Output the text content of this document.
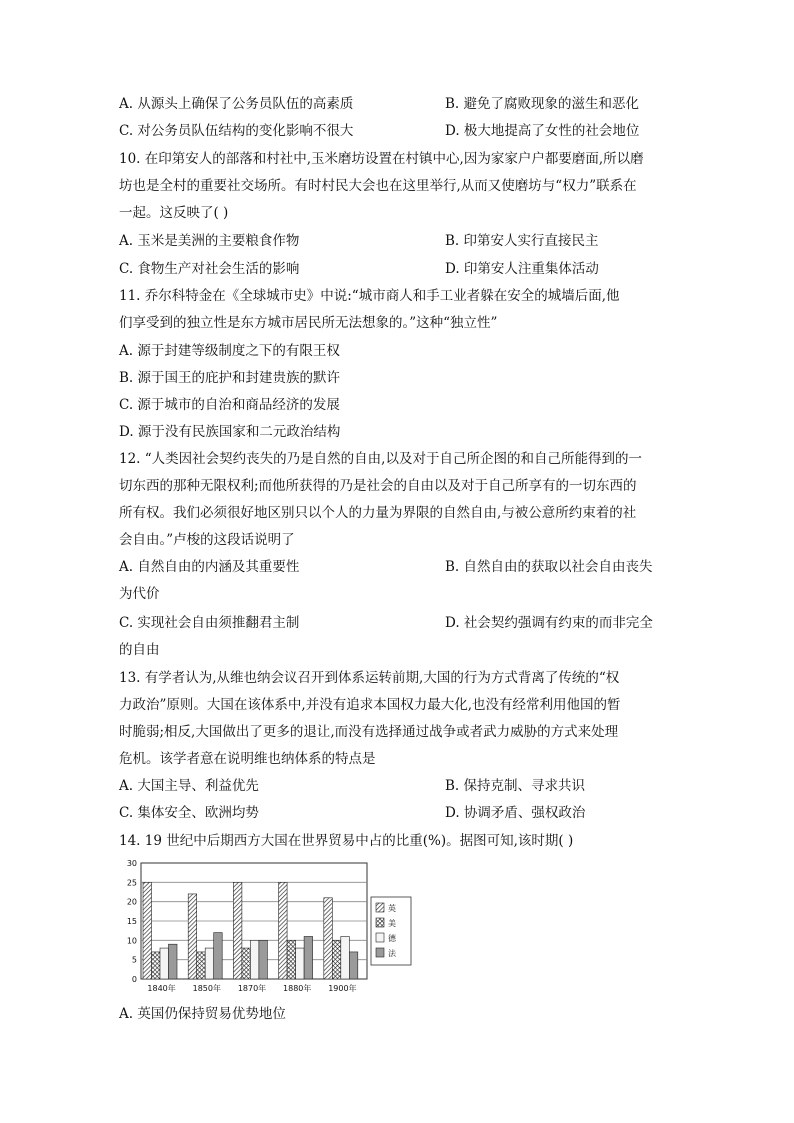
A. 从源头上确保了公务员队伍的高素质	B. 避免了腐败现象的滋生和恶化
C. 对公务员队伍结构的变化影响不很大	D. 极大地提高了女性的社会地位
10. 在印第安人的部落和村社中,玉米磨坊设置在村镇中心,因为家家户户都要磨面,所以磨
坊也是全村的重要社交场所。有时村民大会也在这里举行,从而又使磨坊与“权力”联系在
一起。这反映了( )
A. 玉米是美洲的主要粮食作物	B. 印第安人实行直接民主
C. 食物生产对社会生活的影响	D. 印第安人注重集体活动
11. 乔尔科特金在《全球城市史》中说:“城市商人和手工业者躲在安全的城墙后面,他
们享受到的独立性是东方城市居民所无法想象的。”这种“独立性”
A. 源于封建等级制度之下的有限王权
B. 源于国王的庇护和封建贵族的默许
C. 源于城市的自治和商品经济的发展
D. 源于没有民族国家和二元政治结构
12. “人类因社会契约丧失的乃是自然的自由,以及对于自己所企图的和自己所能得到的一
切东西的那种无限权利;而他所获得的乃是社会的自由以及对于自己所享有的一切东西的
所有权。我们必须很好地区别只以个人的力量为界限的自然自由,与被公意所约束着的社
会自由。”卢梭的这段话说明了
A. 自然自由的内涵及其重要性	B. 自然自由的获取以社会自由丧失
为代价
C. 实现社会自由须推翻君主制	D. 社会契约强调有约束的而非完全
的自由
13. 有学者认为,从维也纳会议召开到体系运转前期,大国的行为方式背离了传统的“权
力政治”原则。大国在该体系中,并没有追求本国权力最大化,也没有经常利用他国的暂
时脆弱;相反,大国做出了更多的退让,而没有选择通过战争或者武力威胁的方式来处理
危机。该学者意在说明维也纳体系的特点是
A. 大国主导、利益优先	B. 保持克制、寻求共识
C. 集体安全、欧洲均势	D. 协调矛盾、强权政治
14. 19 世纪中后期西方大国在世界贸易中占的比重(%)。据图可知,该时期( )
A. 英国仍保持贸易优势地位
0
5
10
15
20
25
30
1840年 1850年 1870年 1880年 1900年
英
美
德
法
